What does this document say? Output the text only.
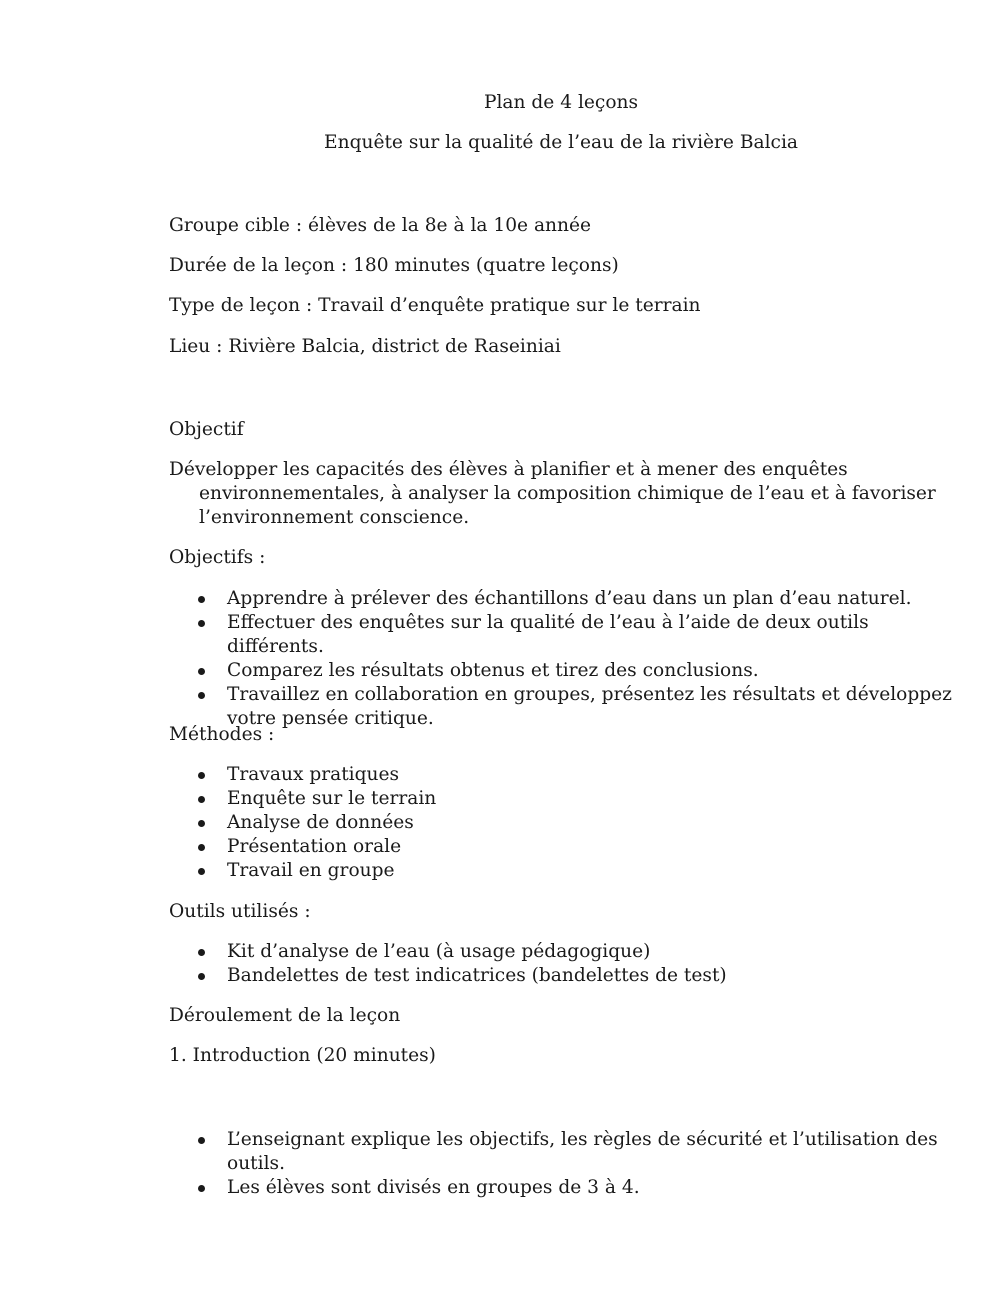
Plan de 4 leçons
Enquête sur la qualité de l’eau de la rivière Balcia
Groupe cible : élèves de la 8e à la 10e année
Durée de la leçon : 180 minutes (quatre leçons)
Type de leçon : Travail d’enquête pratique sur le terrain
Lieu : Rivière Balcia, district de Raseiniai
Objectif
Développer les capacités des élèves à planifier et à mener des enquêtes environnementales, à analyser la composition chimique de l’eau et à favoriser l’environnement conscience.
Objectifs :
Apprendre à prélever des échantillons d’eau dans un plan d’eau naturel.
Effectuer des enquêtes sur la qualité de l’eau à l’aide de deux outils différents.
Comparez les résultats obtenus et tirez des conclusions.
Travaillez en collaboration en groupes, présentez les résultats et développez votre pensée critique.
Méthodes :
Travaux pratiques
Enquête sur le terrain
Analyse de données
Présentation orale
Travail en groupe
Outils utilisés :
Kit d’analyse de l’eau (à usage pédagogique)
Bandelettes de test indicatrices (bandelettes de test)
Déroulement de la leçon
1. Introduction (20 minutes)
L’enseignant explique les objectifs, les règles de sécurité et l’utilisation des outils.
Les élèves sont divisés en groupes de 3 à 4.
